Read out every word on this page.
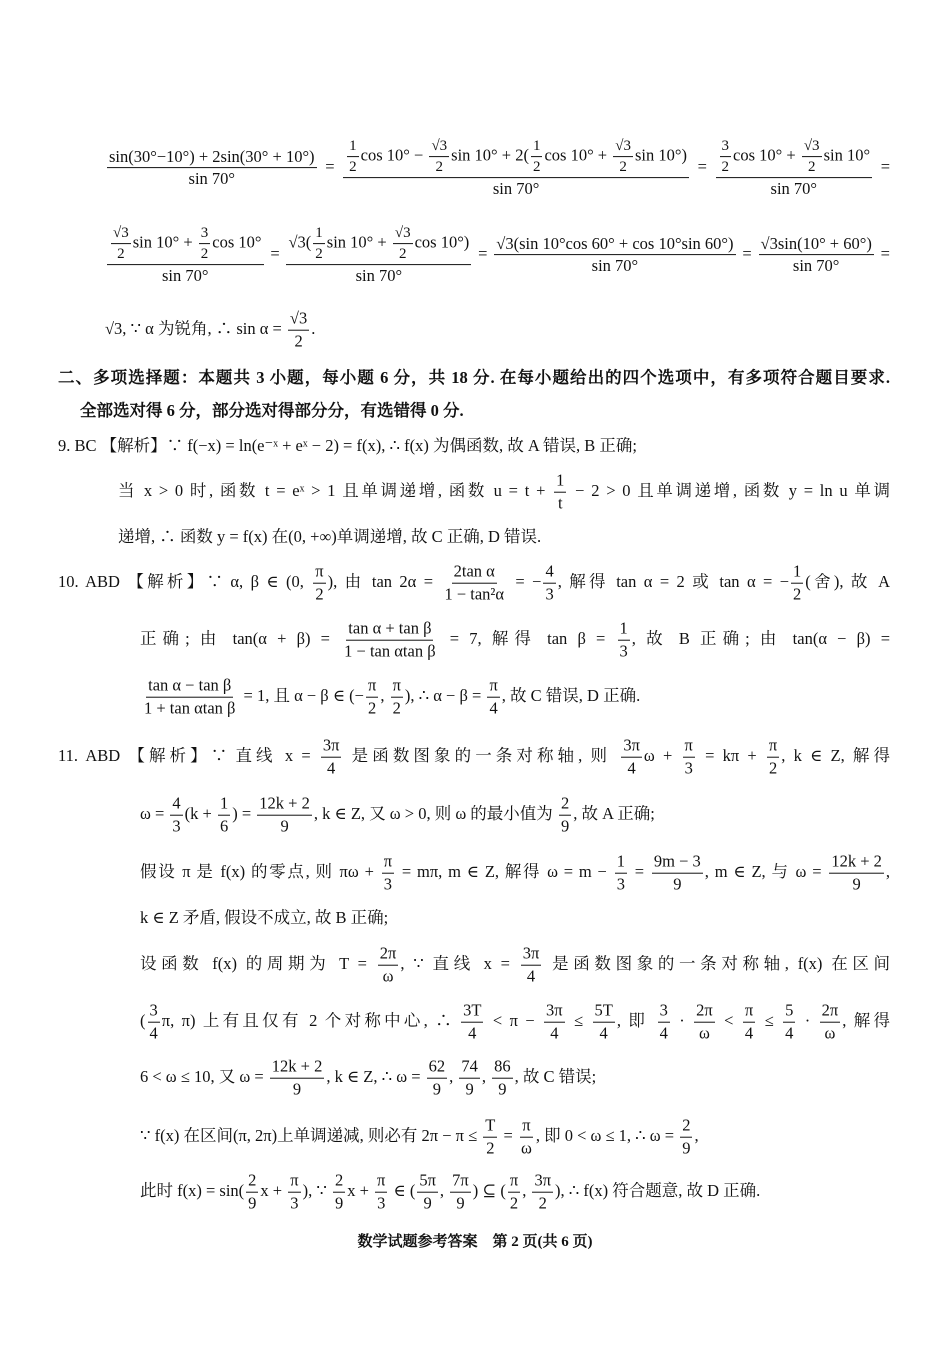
$\frac{\sin(30^\circ-10^\circ) + 2\sin(30^\circ + 10^\circ)}{\sin 70^\circ} = \frac{\frac{1}{2} \cos 10^\circ - \frac{√3}{2} \sin 10^\circ + 2( \frac{1}{2} \cos 10^\circ + \frac{√3}{2} \sin 10^\circ)}{\sin 70^\circ} = \frac{\frac{3}{2} \cos 10^\circ + \frac{√3}{2} \sin 10^\circ}{\sin 70^\circ}$ =
$\frac{\frac{√3}{2} \sin 10^\circ + \frac{3}{2} \cos 10^\circ}{\sin 70^\circ} = \frac{√3( \frac{1}{2} \sin 10^\circ + \frac{√3}{2} \cos 10^\circ)}{\sin 70^\circ} = \frac{√3(\sin 10^\circ\cos 60^\circ + \cos 10^\circ\sin 60^\circ)}{\sin 70^\circ} = \frac{√3\sin(10^\circ + 60^\circ)}{\sin 70^\circ}$ =
√3, ∵ α 为锐角, ∴ $\sin \alpha = \frac{√3}{2}$ .
二、多项选择题：本题共 3 小题，每小题 6 分，共 18 分. 在每小题给出的四个选项中，有多项符合题目要求.
全部选对得 6 分，部分选对得部分分，有选错得 0 分.
9. BC 【解析】∵ f(−x) = ln(e⁻ˣ + eˣ − 2) = f(x), ∴ f(x) 为偶函数, 故 A 错误, B 正确;
当 x > 0 时, 函数 t = eˣ > 1 且单调递增, 函数 $u = t + \frac{1}{t} - 2 > 0$ 且单调递增, 函数 y = ln u 单调
递增, ∴ 函数 y = f(x) 在(0, +∞)单调递增, 故 C 正确, D 错误.
10. ABD 【解析】∵ α, β ∈ (0, $\frac{\pi}{2}$ ), 由 $\tan 2\alpha = \frac{\text{2tan α}}{\text{1 − tan²α}}$ = − $\frac{4}{3}$ , 解得 tan α = 2 或 tan α = − $\frac{1}{2}$ (舍), 故 A
正确; 由 $\tan(\alpha + \beta) = \frac{\text{tan α + tan β}}{\text{1 − tan αtan β}} = 7$, 解得 $\tan \beta = \frac{1}{3}$ , 故 B 正确; 由 tan(α − β) =
$\frac{\text{tan α − tan β}}{\text{1 + tan αtan β}} = 1$, 且 α − β ∈ (− $\frac{\pi}{2}$ , $\frac{\pi}{2}$ ), ∴ $\alpha - \beta = \frac{\pi}{4}$ , 故 C 错误, D 正确.
11. ABD 【解析】∵ 直线 $x = \frac{3\pi}{4}$ 是函数图象的一条对称轴, 则 $\frac{3\pi}{4}$ $\omega + \frac{\pi}{3} = k\pi + \frac{\pi}{2}$ , k ∈ Z, 解得
$\omega = \frac{4}{3} (k + \frac{1}{6}$ ) = $\frac{12k + 2}{9}$ , k ∈ Z, 又 ω > 0, 则 ω 的最小值为 $\frac{2}{9}$ , 故 A 正确;
假设 π 是 f(x) 的零点, 则 $\pi\omega + \frac{\pi}{3} = m\pi$, m ∈ Z, 解得 $\omega = m - \frac{1}{3} = \frac{9m - 3}{9}$ , m ∈ Z, 与 $\omega = \frac{12k + 2}{9}$ ,
k ∈ Z 矛盾, 假设不成立, 故 B 正确;
设函数 f(x) 的周期为 $T = \frac{2\pi}{\omega}$ , ∵ 直线 $x = \frac{3\pi}{4}$ 是函数图象的一条对称轴, f(x) 在区间
( $\frac{3}{4} \pi$, π) 上有且仅有 2 个对称中心, ∴ $\frac{3T}{4} < \pi - \frac{3\pi}{4} \le \frac{5T}{4}$ , 即 $\frac{3}{4} \cdot \frac{2\pi}{\omega} < \frac{\pi}{4} \le \frac{5}{4} \cdot \frac{2\pi}{\omega}$ , 解得
6 < ω ≤ 10, 又 $\omega = \frac{12k + 2}{9}$ , k ∈ Z, ∴ $\omega = \frac{62}{9}$ , $\frac{74}{9}$ , $\frac{86}{9}$ , 故 C 错误;
∵ f(x) 在区间(π, 2π)上单调递减, 则必有 $2\pi - \pi \le \frac{T}{2} = \frac{\pi}{\omega}$ , 即 0 < ω ≤ 1, ∴ $\omega = \frac{2}{9}$ ,
此时 $f(x) = \sin( \frac{2}{9}$ $x + \frac{\pi}{3}$ ), ∵ $\frac{2}{9}$ $x + \frac{\pi}{3}$ ∈ ( $\frac{5\pi}{9}$ , $\frac{7\pi}{9}$ ) ⊆ ( $\frac{\pi}{2}$ , $\frac{3\pi}{2}$ ), ∴ f(x) 符合题意, 故 D 正确.
数学试题参考答案　第 2 页(共 6 页)
